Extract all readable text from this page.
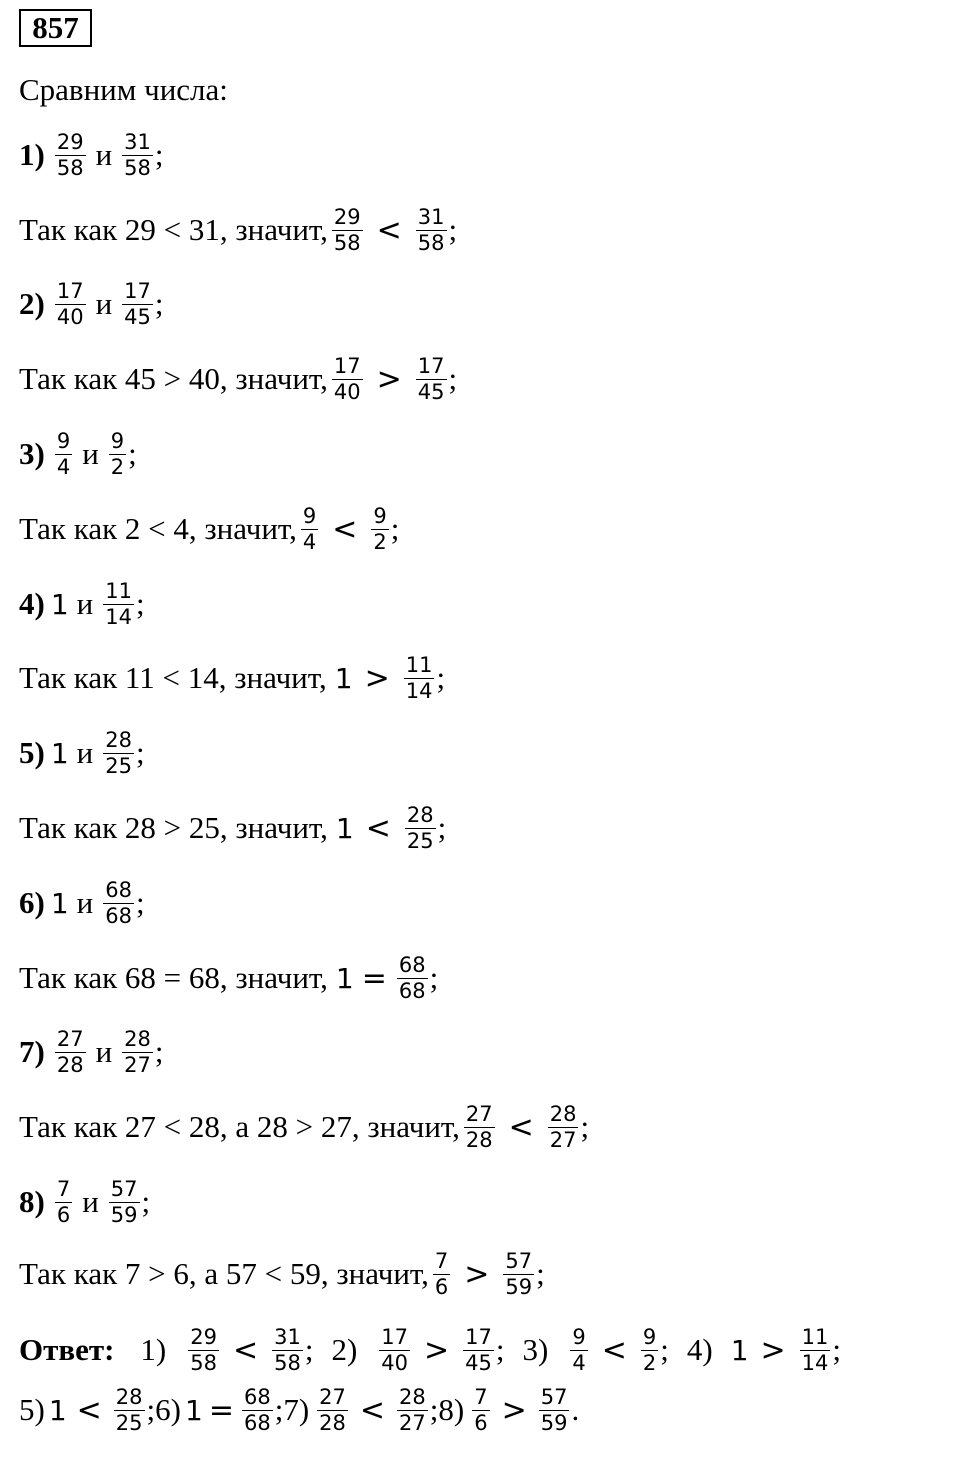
857
Сравним числа:
$1) \frac{29}{58}$ и $\frac{31}{58}$ ;
Так как 29 < 31, значит, $\frac{29}{58} < \frac{31}{58}$ ;
$2) \frac{17}{40}$ и $\frac{17}{45}$ ;
Так как 45 > 40, значит, $\frac{17}{40} > \frac{17}{45}$ ;
$3) \frac{9}{4}$ и $\frac{9}{2}$ ;
Так как 2 < 4, значит, $\frac{9}{4} < \frac{9}{2}$ ;
4) 1 и $\frac{11}{14}$ ;
Так как 11 < 14, значит, $1 > \frac{11}{14}$ ;
5) 1 и $\frac{28}{25}$ ;
Так как 28 > 25, значит, $1 < \frac{28}{25}$ ;
6) 1 и $\frac{68}{68}$ ;
Так как 68 = 68, значит, $1 = \frac{68}{68}$ ;
$7) \frac{27}{28}$ и $\frac{28}{27}$ ;
Так как 27 < 28, а 28 > 27, значит, $\frac{27}{28} < \frac{28}{27}$ ;
$8) \frac{7}{6}$ и $\frac{57}{59}$ ;
Так как 7 > 6, а 57 < 59, значит, $\frac{7}{6} > \frac{57}{59}$ ;
Ответ: $1) \frac{29}{58} < \frac{31}{58}$ ; $2) \frac{17}{40} > \frac{17}{45}$ ; $3) \frac{9}{4} < \frac{9}{2}$ ; 4) $1 > \frac{11}{14}$ ;
5) $1 < \frac{28}{25}$ ; 6) $1 = \frac{68}{68}$ ; $7) \frac{27}{28} < \frac{28}{27}$ ; $8) \frac{7}{6} > \frac{57}{59}$ .
